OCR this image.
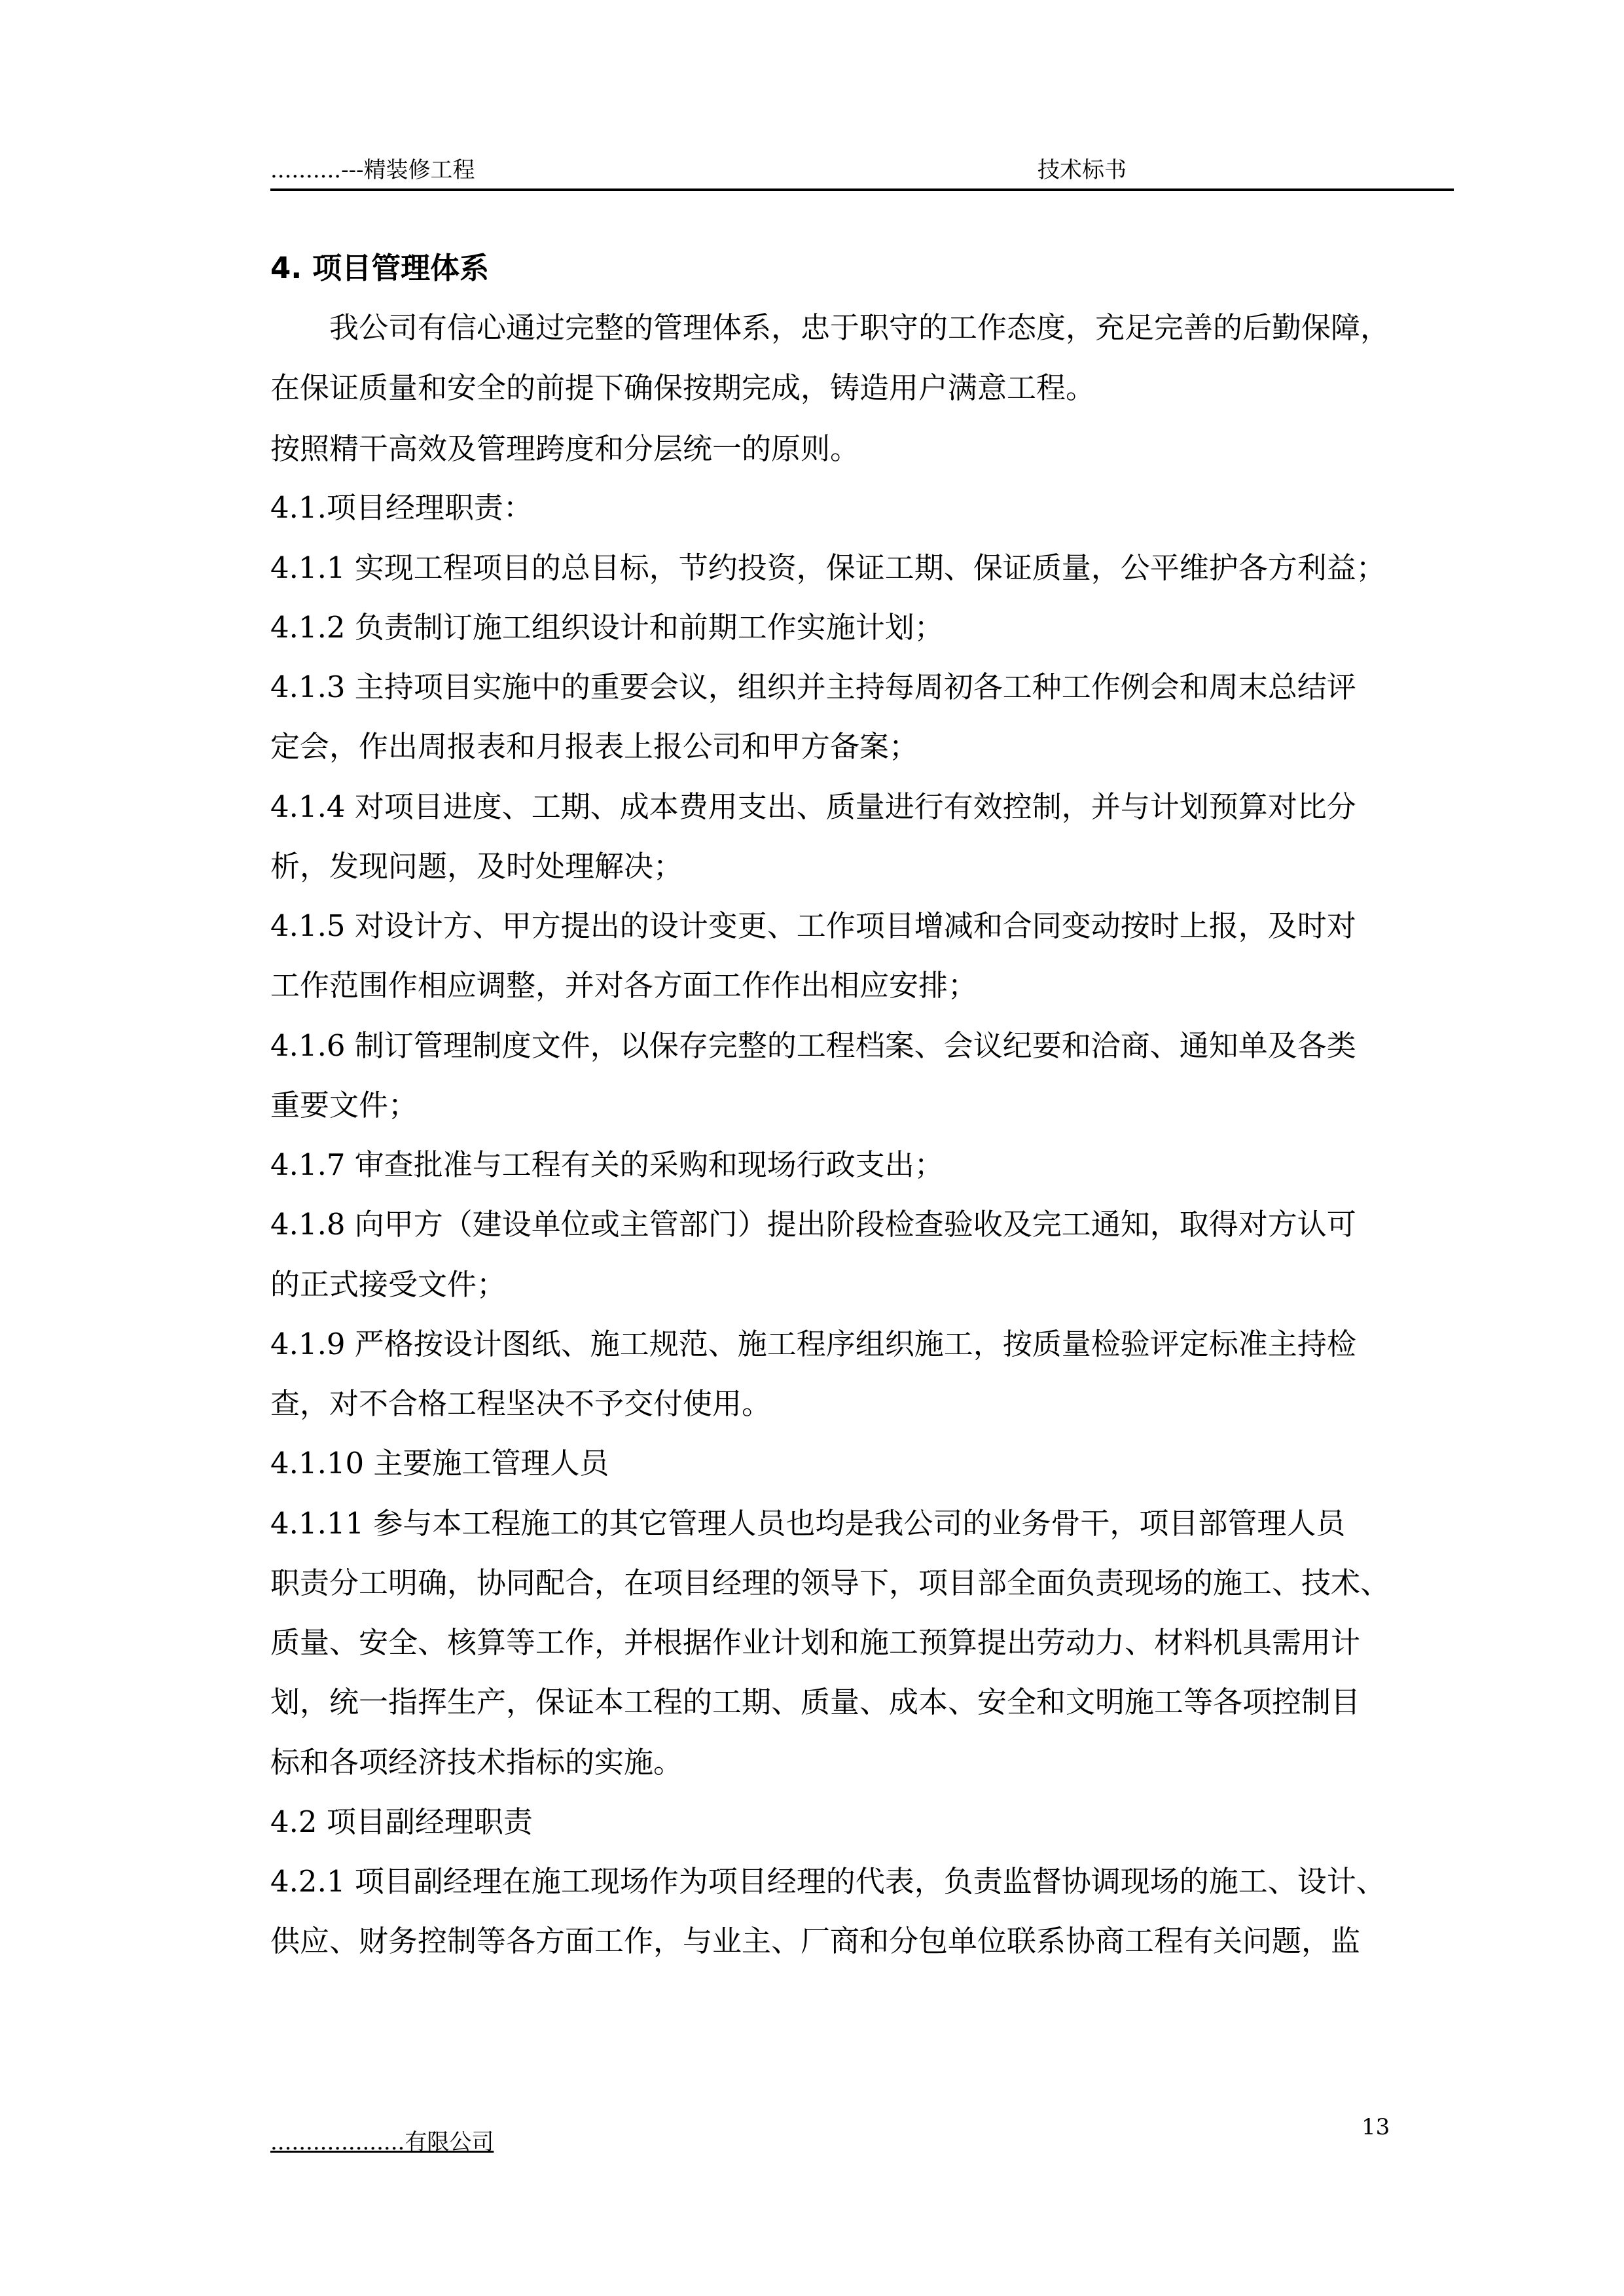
..........---精装修工程	技术标书
4. 项目管理体系
　　我公司有信心通过完整的管理体系，忠于职守的工作态度，充足完善的后勤保障，
在保证质量和安全的前提下确保按期完成，铸造用户满意工程。
按照精干高效及管理跨度和分层统一的原则。
4.1.项目经理职责：
4.1.1 实现工程项目的总目标，节约投资，保证工期、保证质量，公平维护各方利益；
4.1.2 负责制订施工组织设计和前期工作实施计划；
4.1.3 主持项目实施中的重要会议，组织并主持每周初各工种工作例会和周末总结评
定会，作出周报表和月报表上报公司和甲方备案；
4.1.4 对项目进度、工期、成本费用支出、质量进行有效控制，并与计划预算对比分
析，发现问题，及时处理解决；
4.1.5 对设计方、甲方提出的设计变更、工作项目增减和合同变动按时上报，及时对
工作范围作相应调整，并对各方面工作作出相应安排；
4.1.6 制订管理制度文件，以保存完整的工程档案、会议纪要和洽商、通知单及各类
重要文件；
4.1.7 审查批准与工程有关的采购和现场行政支出；
4.1.8 向甲方（建设单位或主管部门）提出阶段检查验收及完工通知，取得对方认可
的正式接受文件；
4.1.9 严格按设计图纸、施工规范、施工程序组织施工，按质量检验评定标准主持检
查，对不合格工程坚决不予交付使用。
4.1.10 主要施工管理人员
4.1.11 参与本工程施工的其它管理人员也均是我公司的业务骨干，项目部管理人员
职责分工明确，协同配合，在项目经理的领导下，项目部全面负责现场的施工、技术、
质量、安全、核算等工作，并根据作业计划和施工预算提出劳动力、材料机具需用计
划，统一指挥生产，保证本工程的工期、质量、成本、安全和文明施工等各项控制目
标和各项经济技术指标的实施。
4.2 项目副经理职责
4.2.1 项目副经理在施工现场作为项目经理的代表，负责监督协调现场的施工、设计、
供应、财务控制等各方面工作，与业主、厂商和分包单位联系协商工程有关问题，监
...................有限公司
13
